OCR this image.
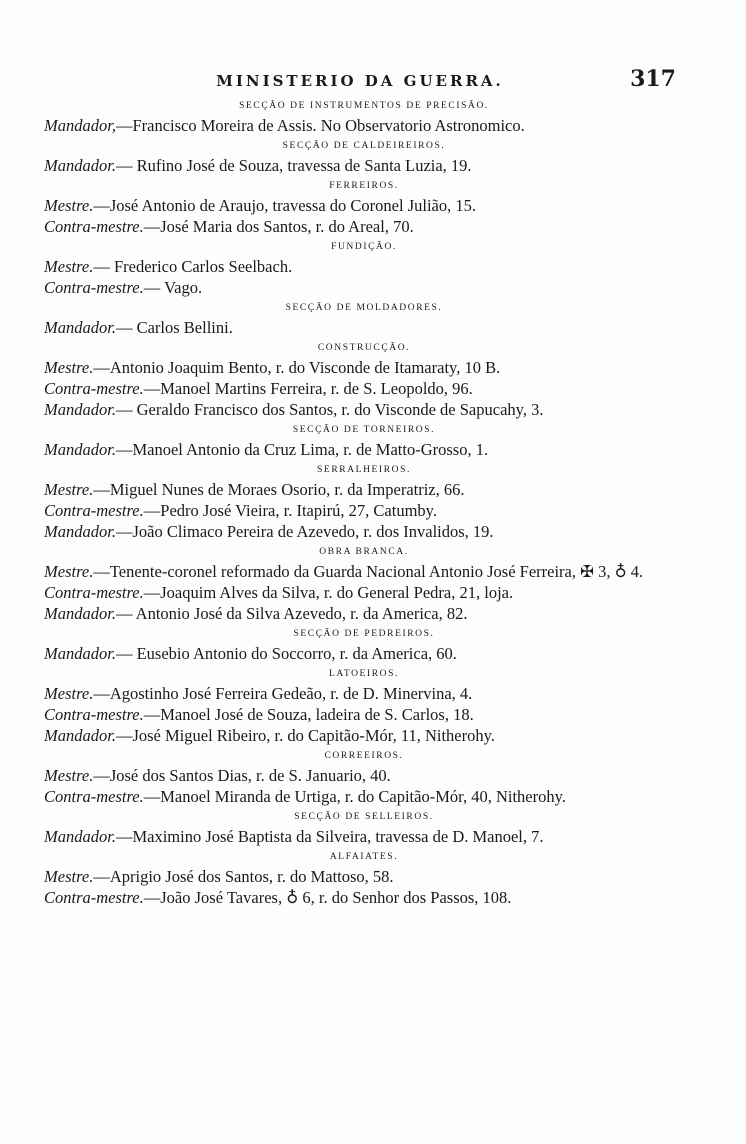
MINISTERIO DA GUERRA.	317
SECÇÃO DE INSTRUMENTOS DE PRECISÃO.
Mandador,—Francisco Moreira de Assis. No Observatorio Astronomico.
SECÇÃO DE CALDEIREIROS.
Mandador.— Rufino José de Souza, travessa de Santa Luzia, 19.
FERREIROS.
Mestre.—José Antonio de Araujo, travessa do Coronel Julião, 15.
Contra-mestre.—José Maria dos Santos, r. do Areal, 70.
FUNDIÇÃO.
Mestre.— Frederico Carlos Seelbach.
Contra-mestre.— Vago.
SECÇÃO DE MOLDADORES.
Mandador.— Carlos Bellini.
CONSTRUCÇÃO.
Mestre.—Antonio Joaquim Bento, r. do Visconde de Itamaraty, 10 B.
Contra-mestre.—Manoel Martins Ferreira, r. de S. Leopoldo, 96.
Mandador.— Geraldo Francisco dos Santos, r. do Visconde de Sapucahy, 3.
SECÇÃO DE TORNEIROS.
Mandador.—Manoel Antonio da Cruz Lima, r. de Matto-Grosso, 1.
SERRALHEIROS.
Mestre.—Miguel Nunes de Moraes Osorio, r. da Imperatriz, 66.
Contra-mestre.—Pedro José Vieira, r. Itapirú, 27, Catumby.
Mandador.—João Climaco Pereira de Azevedo, r. dos Invalidos, 19.
OBRA BRANCA.
Mestre.—Tenente-coronel reformado da Guarda Nacional Antonio José Ferreira, ✠ 3, ♁ 4.
Contra-mestre.—Joaquim Alves da Silva, r. do General Pedra, 21, loja.
Mandador.— Antonio José da Silva Azevedo, r. da America, 82.
SECÇÃO DE PEDREIROS.
Mandador.— Eusebio Antonio do Soccorro, r. da America, 60.
LATOEIROS.
Mestre.—Agostinho José Ferreira Gedeão, r. de D. Minervina, 4.
Contra-mestre.—Manoel José de Souza, ladeira de S. Carlos, 18.
Mandador.—José Miguel Ribeiro, r. do Capitão-Mór, 11, Nitherohy.
CORREEIROS.
Mestre.—José dos Santos Dias, r. de S. Januario, 40.
Contra-mestre.—Manoel Miranda de Urtiga, r. do Capitão-Mór, 40, Nitherohy.
SECÇÃO DE SELLEIROS.
Mandador.—Maximino José Baptista da Silveira, travessa de D. Manoel, 7.
ALFAIATES.
Mestre.—Aprigio José dos Santos, r. do Mattoso, 58.
Contra-mestre.—João José Tavares, ♁ 6, r. do Senhor dos Passos, 108.
